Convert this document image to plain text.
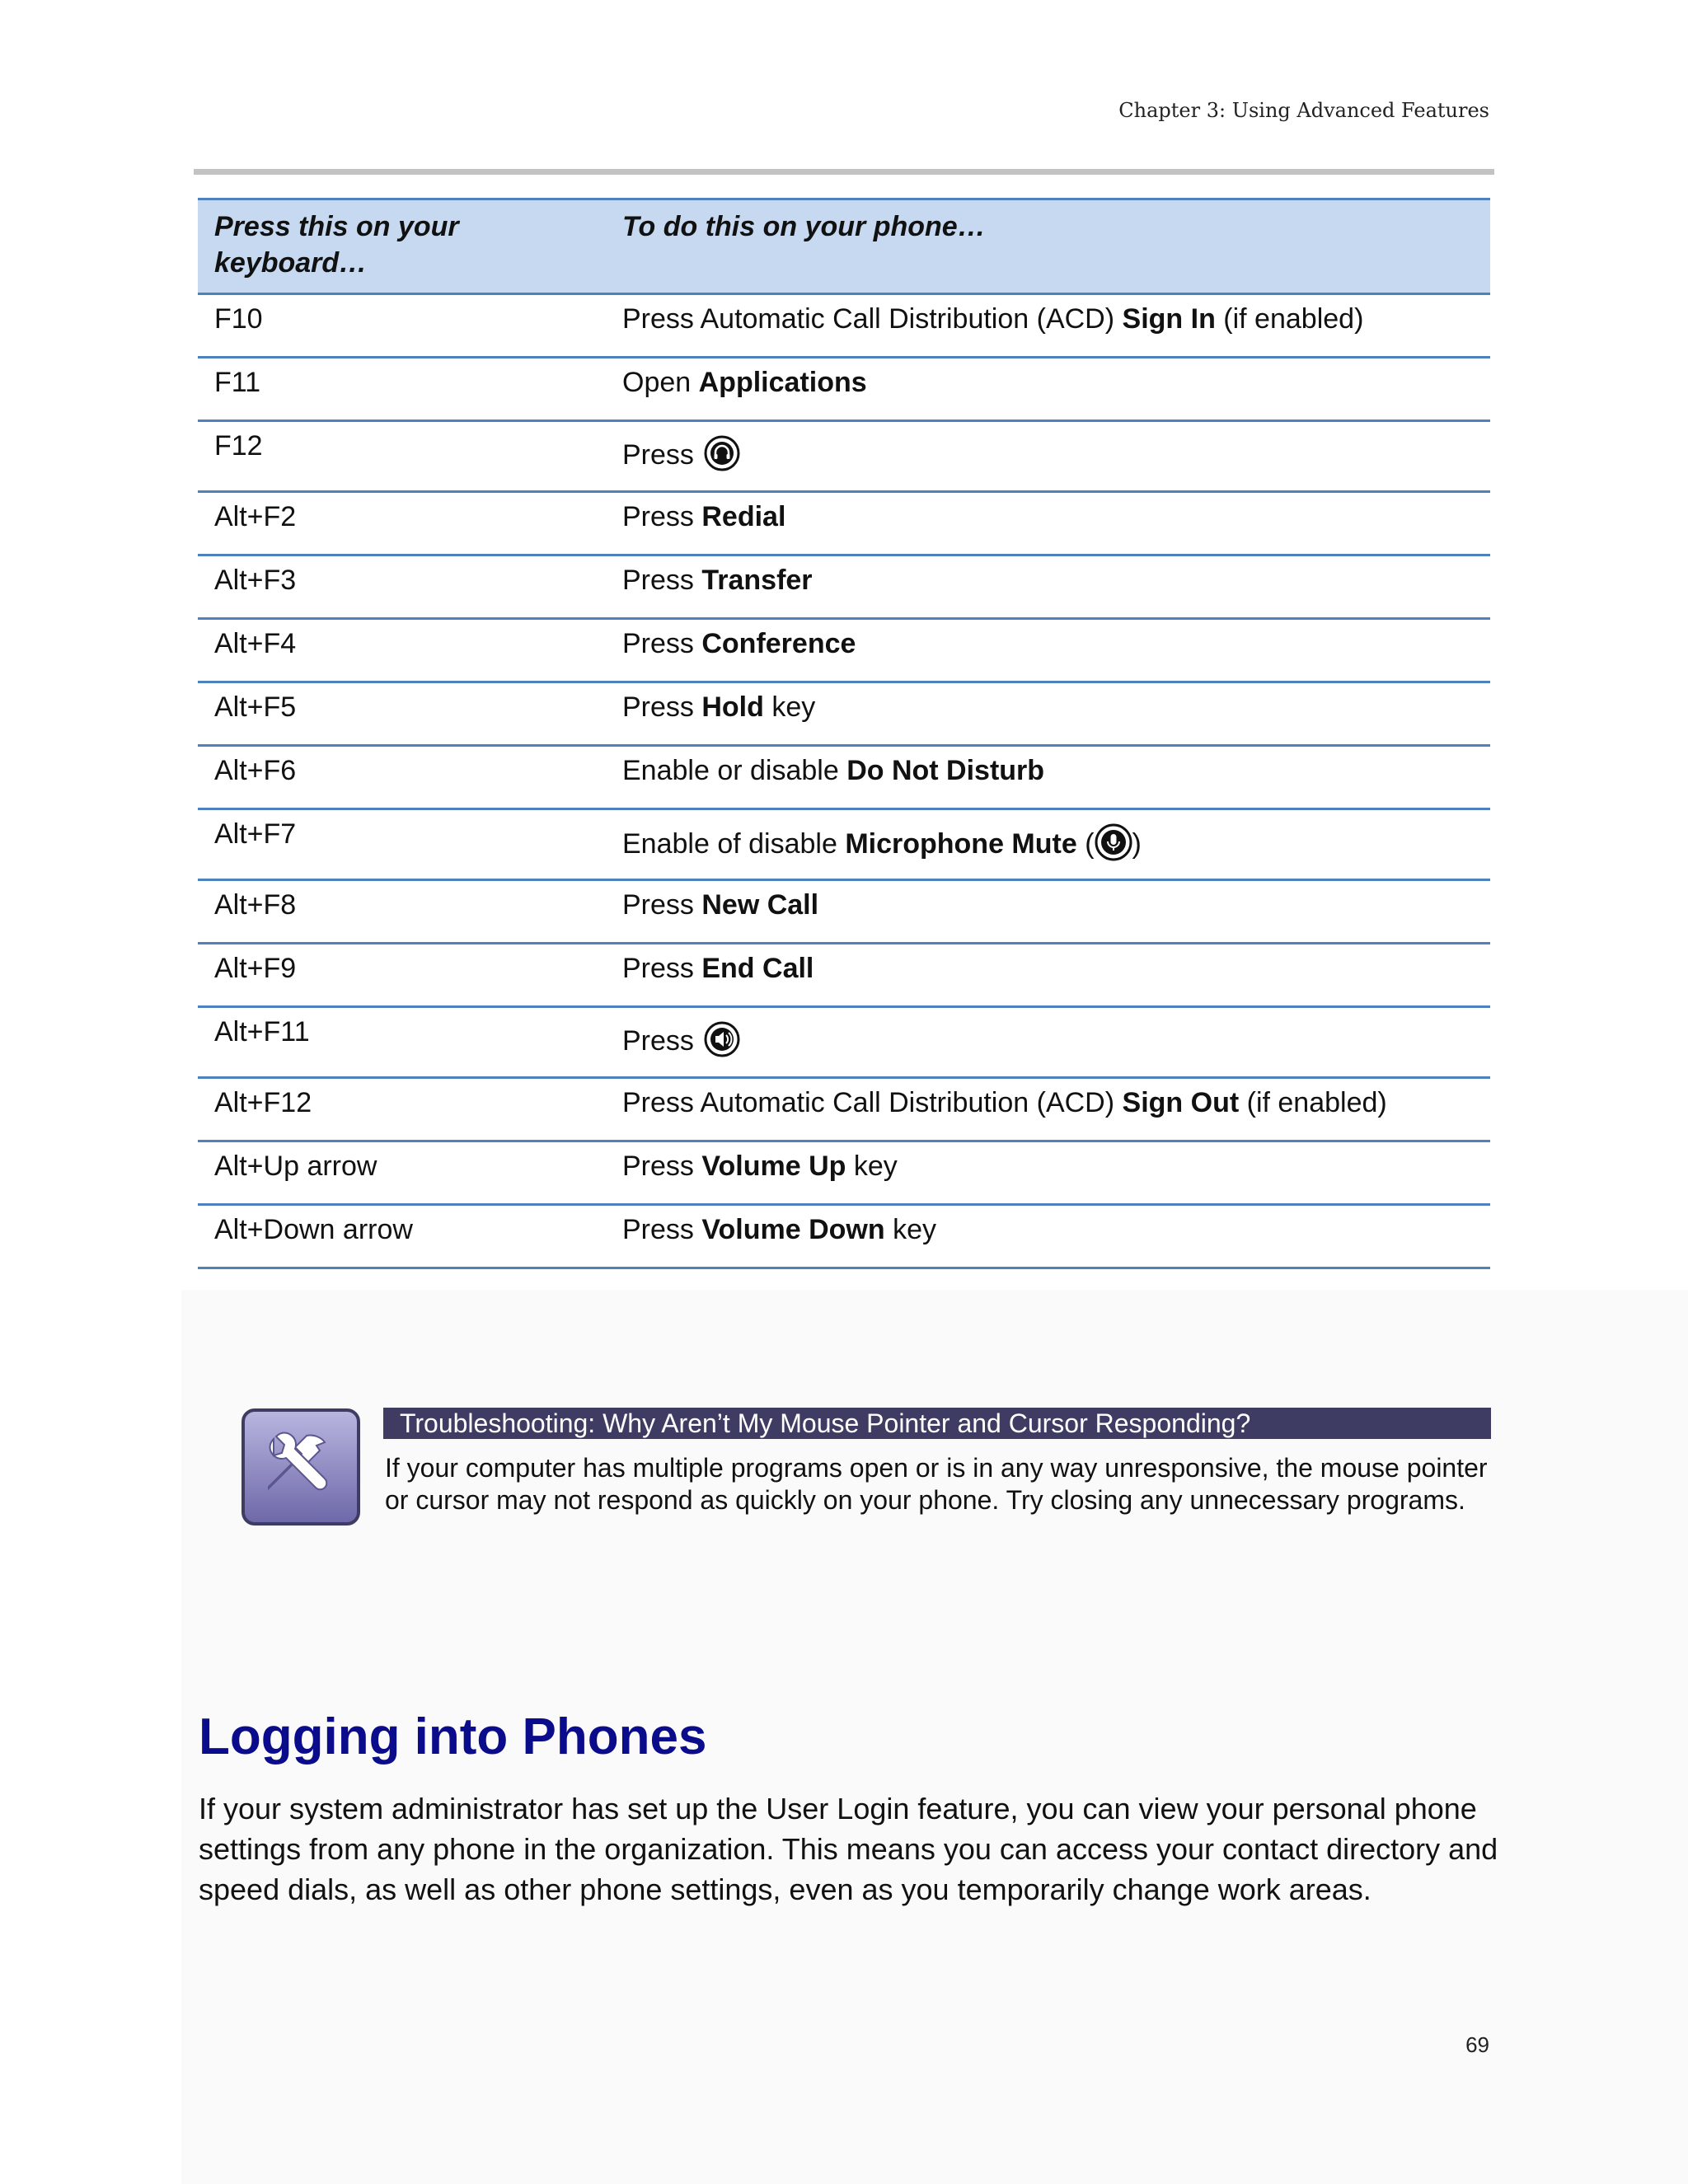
Chapter 3: Using Advanced Features
Press this on your keyboard…
To do this on your phone…
F10	Press Automatic Call Distribution (ACD) Sign In (if enabled)
F11	Open Applications
F12	Press
Alt+F2	Press Redial
Alt+F3	Press Transfer
Alt+F4	Press Conference
Alt+F5	Press Hold key
Alt+F6	Enable or disable Do Not Disturb
Alt+F7	Enable of disable Microphone Mute ( )
Alt+F8	Press New Call
Alt+F9	Press End Call
Alt+F11	Press
Alt+F12	Press Automatic Call Distribution (ACD) Sign Out (if enabled)
Alt+Up arrow	Press Volume Up key
Alt+Down arrow	Press Volume Down key
Troubleshooting: Why Aren’t My Mouse Pointer and Cursor Responding?
If your computer has multiple programs open or is in any way unresponsive, the mouse pointer or cursor may not respond as quickly on your phone. Try closing any unnecessary programs.
Logging into Phones
If your system administrator has set up the User Login feature, you can view your personal phone settings from any phone in the organization. This means you can access your contact directory and speed dials, as well as other phone settings, even as you temporarily change work areas.
69
